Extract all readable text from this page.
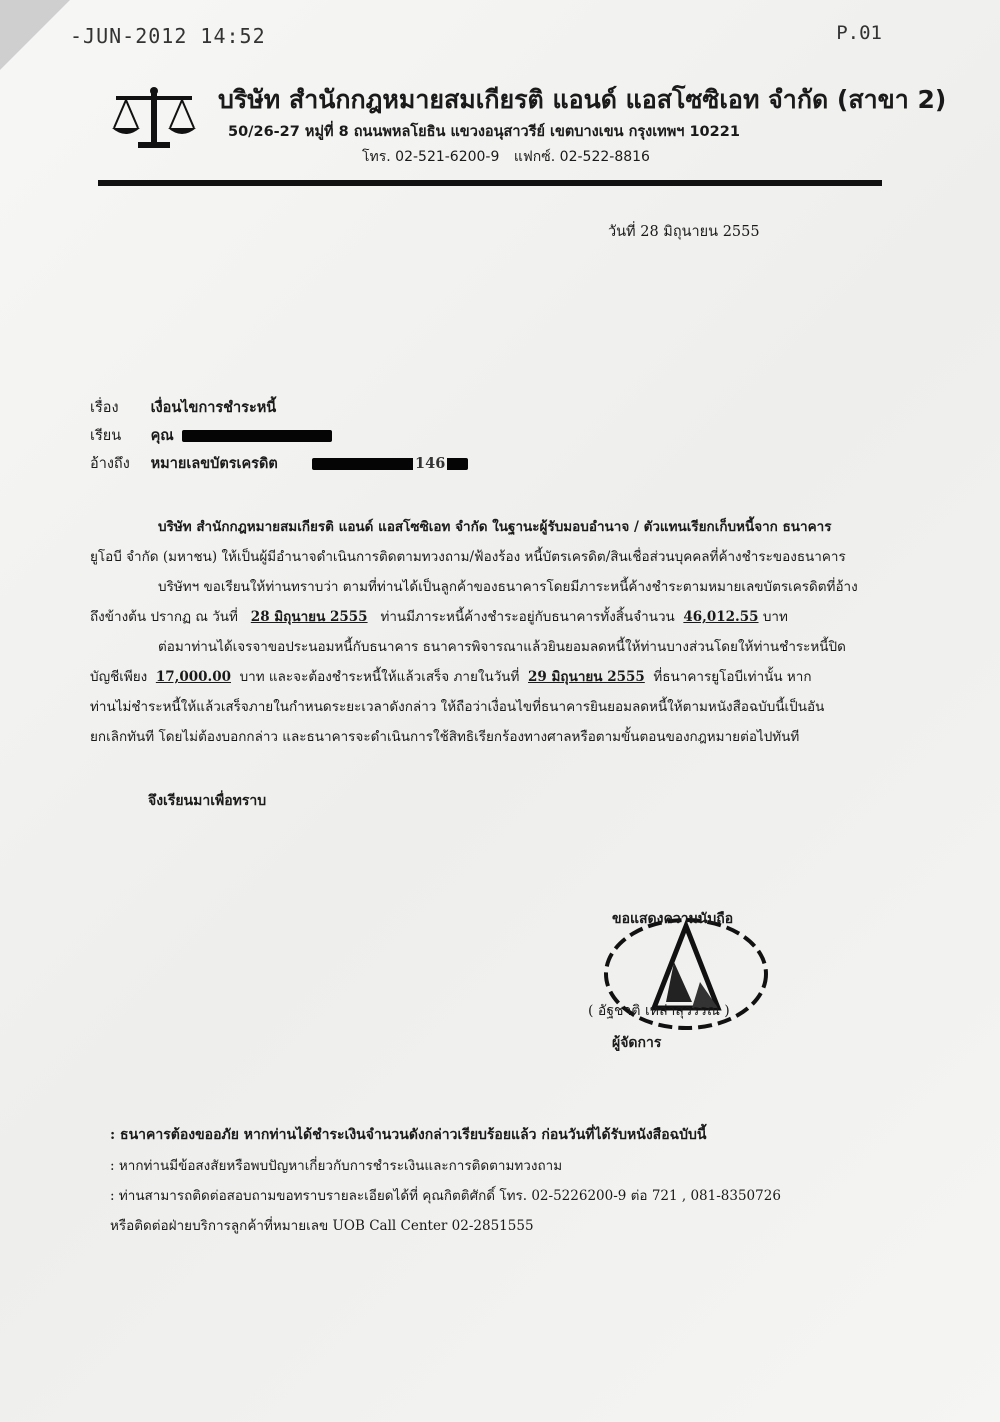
-JUN-2012 14:52	P.01
บริษัท สำนักกฎหมายสมเกียรติ แอนด์ แอสโซซิเอท จำกัด (สาขา 2)
50/26-27 หมู่ที่ 8 ถนนพหลโยธิน แขวงอนุสาวรีย์ เขตบางเขน กรุงเทพฯ 10221
โทร. 02-521-6200-9 แฟกซ์. 02-522-8816
วันที่ 28 มิถุนายน 2555
เรื่อง เงื่อนไขการชำระหนี้
เรียน คุณ
อ้างถึง หมายเลขบัตรเครดิต	146
บริษัท สำนักกฎหมายสมเกียรติ แอนด์ แอสโซซิเอท จำกัด ในฐานะผู้รับมอบอำนาจ / ตัวแทนเรียกเก็บหนี้จาก ธนาคาร
ยูโอบี จำกัด (มหาชน) ให้เป็นผู้มีอำนาจดำเนินการติดตามทวงถาม/ฟ้องร้อง หนี้บัตรเครดิต/สินเชื่อส่วนบุคคลที่ค้างชำระของธนาคาร
บริษัทฯ ขอเรียนให้ท่านทราบว่า ตามที่ท่านได้เป็นลูกค้าของธนาคารโดยมีภาระหนี้ค้างชำระตามหมายเลขบัตรเครดิตที่อ้าง
ถึงข้างต้น ปรากฏ ณ วันที่ 28 มิถุนายน 2555 ท่านมีภาระหนี้ค้างชำระอยู่กับธนาคารทั้งสิ้นจำนวน 46,012.55 บาท
ต่อมาท่านได้เจรจาขอประนอมหนี้กับธนาคาร ธนาคารพิจารณาแล้วยินยอมลดหนี้ให้ท่านบางส่วนโดยให้ท่านชำระหนี้ปิด
บัญชีเพียง 17,000.00 บาท และจะต้องชำระหนี้ให้แล้วเสร็จ ภายในวันที่ 29 มิถุนายน 2555 ที่ธนาคารยูโอบีเท่านั้น หาก
ท่านไม่ชำระหนี้ให้แล้วเสร็จภายในกำหนดระยะเวลาดังกล่าว ให้ถือว่าเงื่อนไขที่ธนาคารยินยอมลดหนี้ให้ตามหนังสือฉบับนี้เป็นอัน
ยกเลิกทันที โดยไม่ต้องบอกกล่าว และธนาคารจะดำเนินการใช้สิทธิเรียกร้องทางศาลหรือตามขั้นตอนของกฎหมายต่อไปทันที
จึงเรียนมาเพื่อทราบ
ขอแสดงความนับถือ
( อัฐชาติ เหล่าสุวรรณ )
ผู้จัดการ
: ธนาคารต้องขออภัย หากท่านได้ชำระเงินจำนวนดังกล่าวเรียบร้อยแล้ว ก่อนวันที่ได้รับหนังสือฉบับนี้
: หากท่านมีข้อสงสัยหรือพบปัญหาเกี่ยวกับการชำระเงินและการติดตามทวงถาม
: ท่านสามารถติดต่อสอบถามขอทราบรายละเอียดได้ที่ คุณกิตติศักดิ์ โทร. 02-5226200-9 ต่อ 721 , 081-8350726
หรือติดต่อฝ่ายบริการลูกค้าที่หมายเลข UOB Call Center 02-2851555
